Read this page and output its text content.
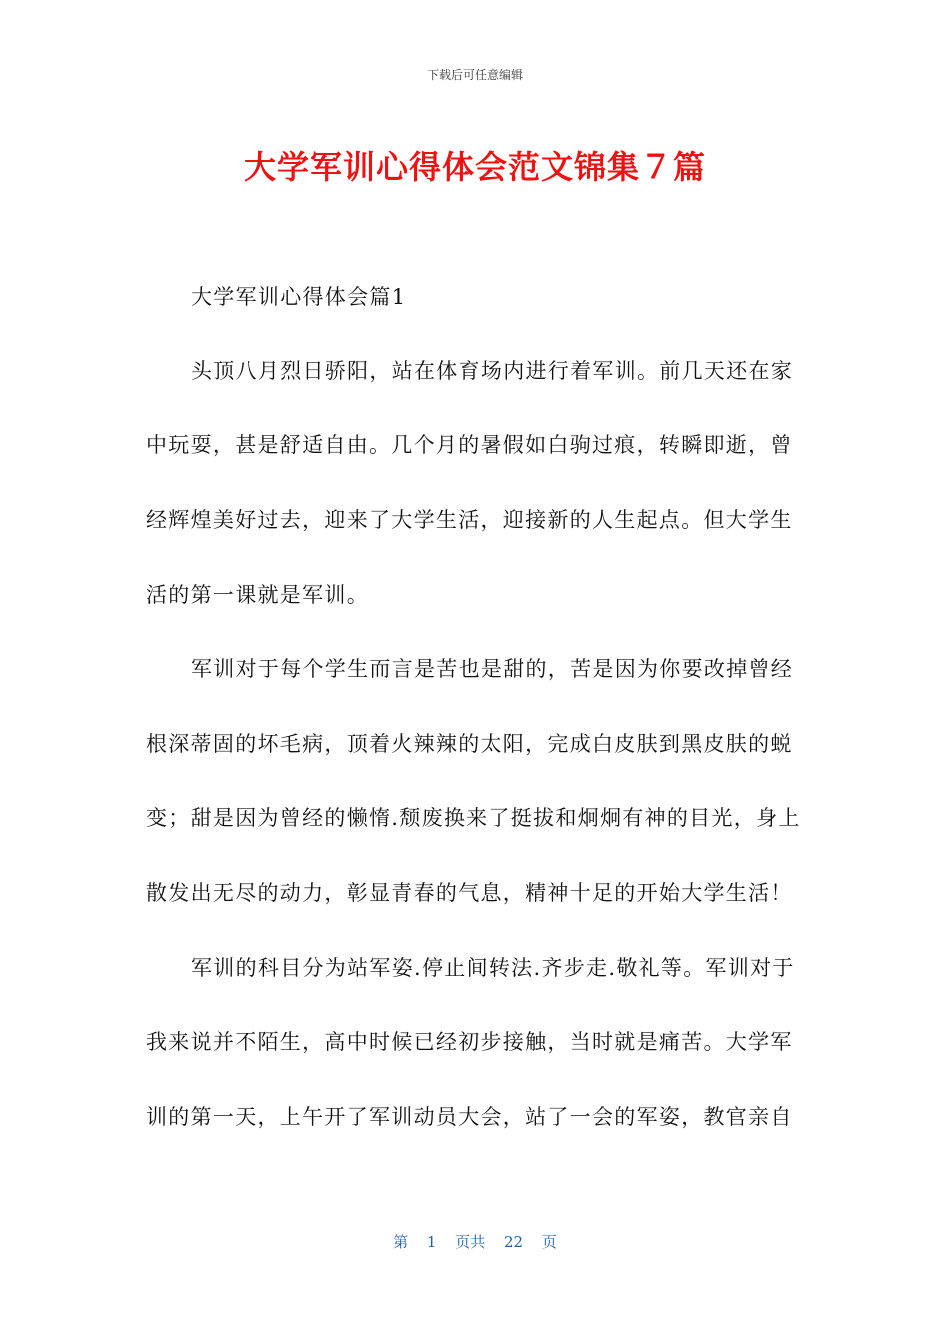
下载后可任意编辑
大学军训心得体会范文锦集７篇
大学军训心得体会篇1
头顶八月烈日骄阳，站在体育场内进行着军训。前几天还在家
中玩耍，甚是舒适自由。几个月的暑假如白驹过痕，转瞬即逝，曾
经辉煌美好过去，迎来了大学生活，迎接新的人生起点。但大学生
活的第一课就是军训。
军训对于每个学生而言是苦也是甜的，苦是因为你要改掉曾经
根深蒂固的坏毛病，顶着火辣辣的太阳，完成白皮肤到黑皮肤的蜕
变；甜是因为曾经的懒惰.颓废换来了挺拔和炯炯有神的目光，身上
散发出无尽的动力，彰显青春的气息，精神十足的开始大学生活！
军训的科目分为站军姿.停止间转法.齐步走.敬礼等。军训对于
我来说并不陌生，高中时候已经初步接触，当时就是痛苦。大学军
训的第一天，上午开了军训动员大会，站了一会的军姿，教官亲自
第 1 页共 22 页
